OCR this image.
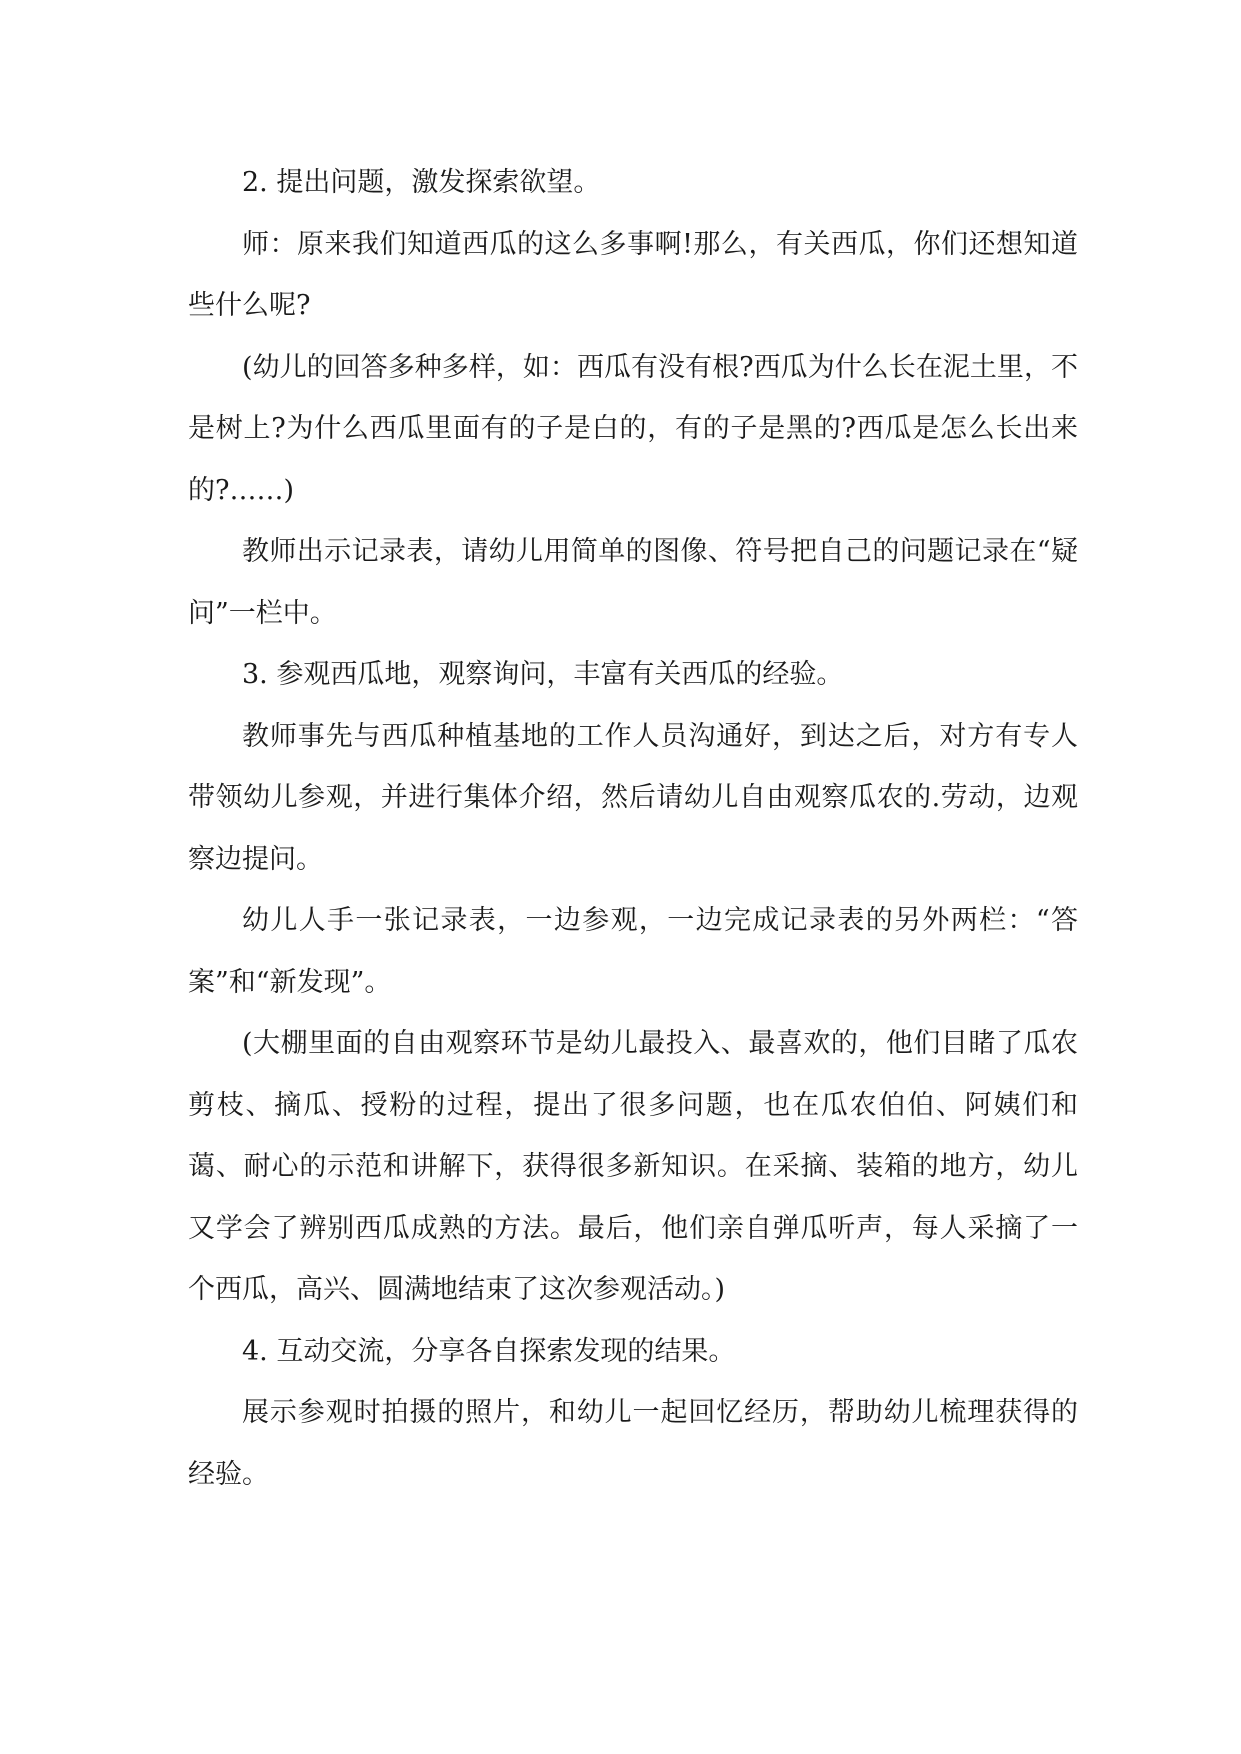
2. 提出问题，激发探索欲望。

师：原来我们知道西瓜的这么多事啊!那么，有关西瓜，你们还想知道些什么呢?

(幼儿的回答多种多样，如：西瓜有没有根?西瓜为什么长在泥土里，不是树上?为什么西瓜里面有的子是白的，有的子是黑的?西瓜是怎么长出来的?……)

教师出示记录表，请幼儿用简单的图像、符号把自己的问题记录在“疑问”一栏中。

3. 参观西瓜地，观察询问，丰富有关西瓜的经验。

教师事先与西瓜种植基地的工作人员沟通好，到达之后，对方有专人带领幼儿参观，并进行集体介绍，然后请幼儿自由观察瓜农的.劳动，边观察边提问。

幼儿人手一张记录表，一边参观，一边完成记录表的另外两栏：“答案”和“新发现”。

(大棚里面的自由观察环节是幼儿最投入、最喜欢的，他们目睹了瓜农剪枝、摘瓜、授粉的过程，提出了很多问题，也在瓜农伯伯、阿姨们和蔼、耐心的示范和讲解下，获得很多新知识。在采摘、装箱的地方，幼儿又学会了辨别西瓜成熟的方法。最后，他们亲自弹瓜听声，每人采摘了一个西瓜，高兴、圆满地结束了这次参观活动。)

4. 互动交流，分享各自探索发现的结果。

展示参观时拍摄的照片，和幼儿一起回忆经历，帮助幼儿梳理获得的经验。
